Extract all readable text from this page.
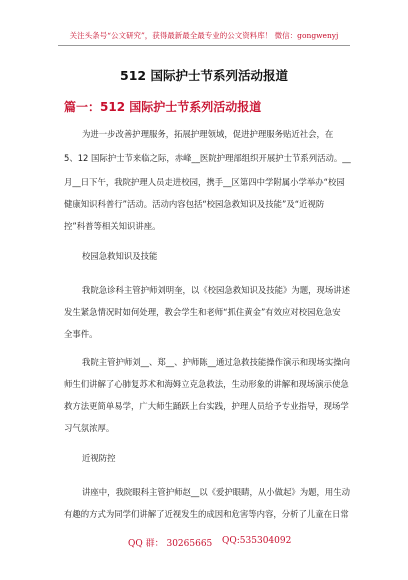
关注头条号“公文研究”，获得最新最全最专业的公文资料库！ 微信：gongwenyj
512 国际护士节系列活动报道
篇一：512 国际护士节系列活动报道
为进一步改善护理服务，拓展护理领域，促进护理服务贴近社会，在
5、12 国际护士节来临之际，赤峰__医院护理部组织开展护士节系列活动。__
月__日下午，我院护理人员走进校园，携手__区第四中学附属小学举办“校园
健康知识科普行”活动。活动内容包括“校园急救知识及技能”及“近视防
控”科普等相关知识讲座。
校园急救知识及技能
我院急诊科主管护师刘明奎，以《校园急救知识及技能》为题，现场讲述
发生紧急情况时如何处理，教会学生和老师“抓住黄金”有效应对校园危急安
全事件。
我院主管护师刘__、郑__、护师陈__通过急救技能操作演示和现场实操向
师生们讲解了心肺复苏术和海姆立克急救法，生动形象的讲解和现场演示使急
救方法更简单易学，广大师生踊跃上台实践，护理人员给予专业指导，现场学
习气氛浓厚。
近视防控
讲座中，我院眼科主管护师赵__以《爱护眼睛，从小做起》为题，用生动
有趣的方式为同学们讲解了近视发生的成因和危害等内容，分析了儿童在日常
QQ 群： 30265665 QQ:535304092
